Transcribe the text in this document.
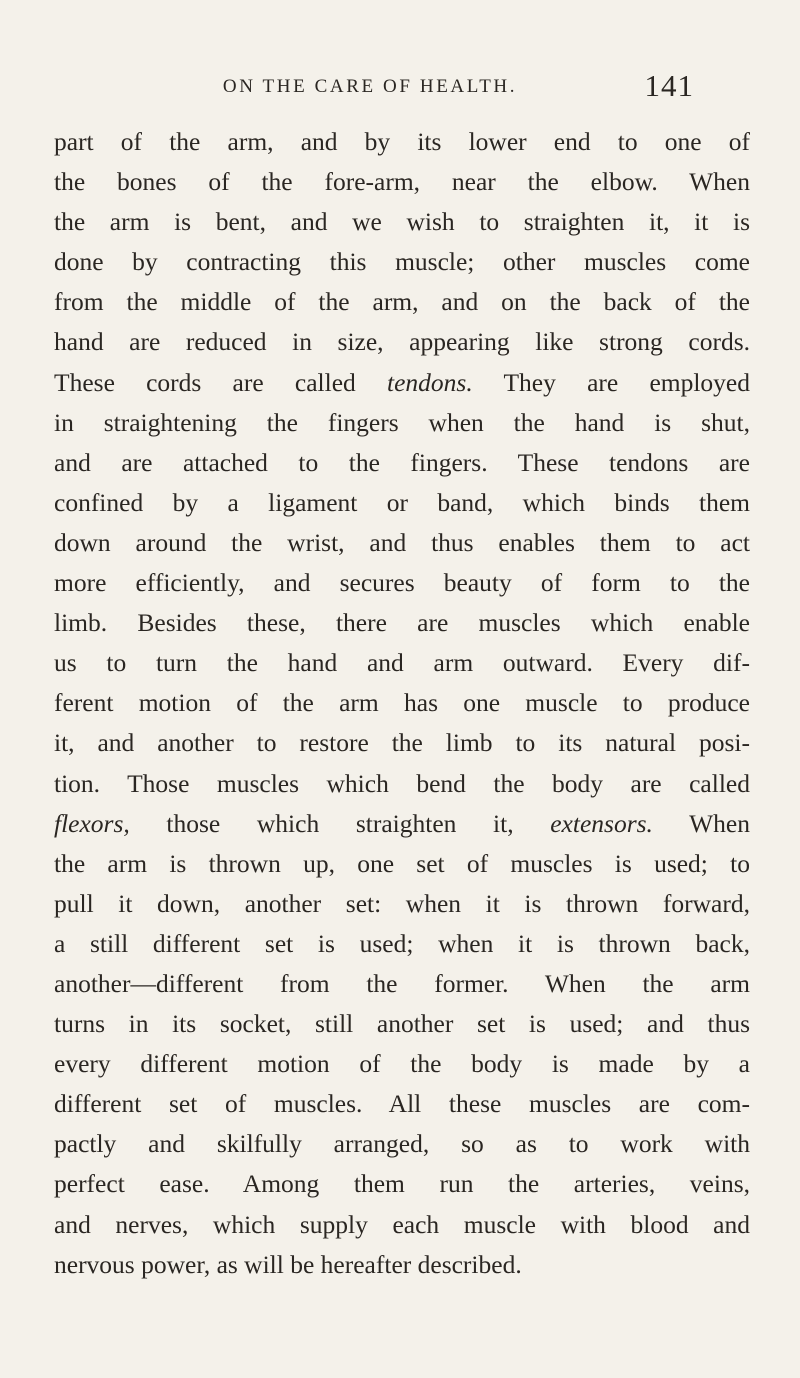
ON THE CARE OF HEALTH.	141
part of the arm, and by its lower end to one of
the bones of the fore-arm, near the elbow. When
the arm is bent, and we wish to straighten it, it is
done by contracting this muscle; other muscles come
from the middle of the arm, and on the back of the
hand are reduced in size, appearing like strong cords.
These cords are called tendons. They are employed
in straightening the fingers when the hand is shut,
and are attached to the fingers. These tendons are
confined by a ligament or band, which binds them
down around the wrist, and thus enables them to act
more efficiently, and secures beauty of form to the
limb. Besides these, there are muscles which enable
us to turn the hand and arm outward. Every dif-
ferent motion of the arm has one muscle to produce
it, and another to restore the limb to its natural posi-
tion. Those muscles which bend the body are called
flexors, those which straighten it, extensors. When
the arm is thrown up, one set of muscles is used; to
pull it down, another set: when it is thrown forward,
a still different set is used; when it is thrown back,
another—different from the former. When the arm
turns in its socket, still another set is used; and thus
every different motion of the body is made by a
different set of muscles. All these muscles are com-
pactly and skilfully arranged, so as to work with
perfect ease. Among them run the arteries, veins,
and nerves, which supply each muscle with blood and
nervous power, as will be hereafter described.
